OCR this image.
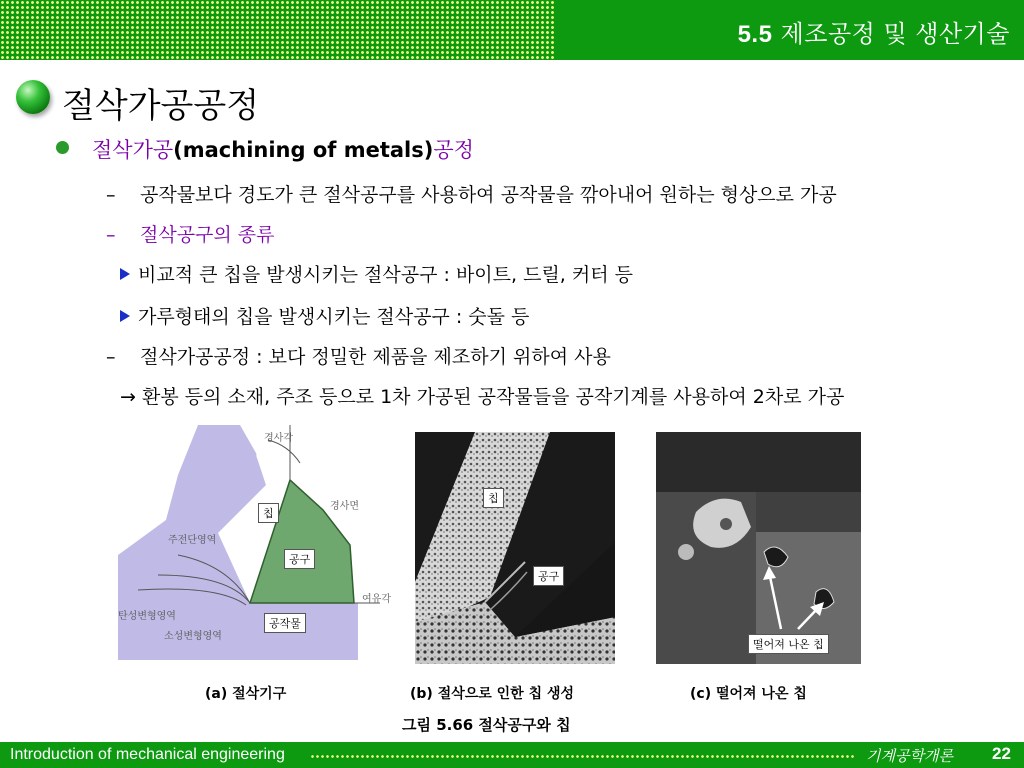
5.5 제조공정 및 생산기술
절삭가공공정
절삭가공(machining of metals)공정
– 공작물보다 경도가 큰 절삭공구를 사용하여 공작물을 깎아내어 원하는 형상으로 가공
– 절삭공구의 종류
비교적 큰 칩을 발생시키는 절삭공구 : 바이트, 드릴, 커터 등
가루형태의 칩을 발생시키는 절삭공구 : 숫돌 등
– 절삭가공공정 : 보다 정밀한 제품을 제조하기 위하여 사용
→ 환봉 등의 소재, 주조 등으로 1차 가공된 공작물들을 공작기계를 사용하여 2차로 가공
경사각
경사면
칩
주전단영역
공구
여유각
탄성변형영역
소성변형영역
공작물
칩
공구
떨어져 나온 칩
(a) 절삭기구	(b) 절삭으로 인한 칩 생성	(c) 떨어져 나온 칩
그림 5.66 절삭공구와 칩
Introduction of mechanical engineering	기계공학개론 22
